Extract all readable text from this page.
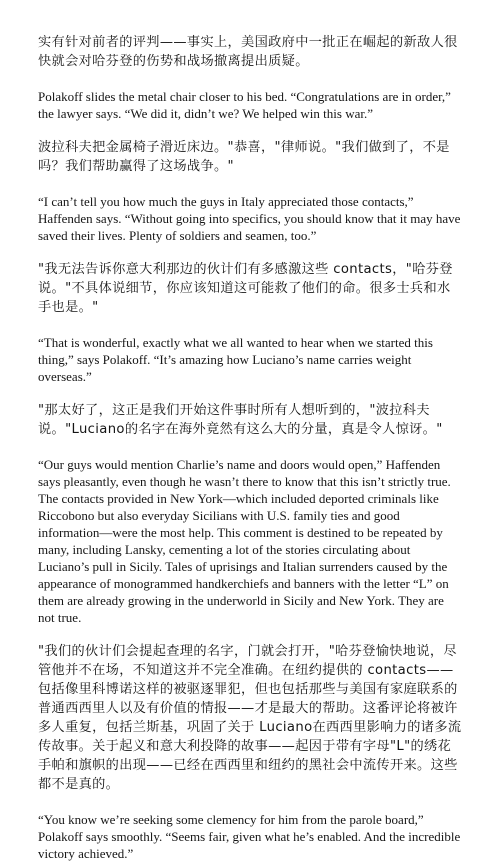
实有针对前者的评判——事实上，美国政府中一批正在崛起的新敌人很快就会对哈芬登的伤势和战场撤离提出质疑。

Polakoff slides the metal chair closer to his bed. “Congratulations are in order,” the lawyer says. “We did it, didn’t we? We helped win this war.”

波拉科夫把金属椅子滑近床边。"恭喜，"律师说。"我们做到了，不是吗？我们帮助赢得了这场战争。"

“I can’t tell you how much the guys in Italy appreciated those contacts,” Haffenden says. “Without going into specifics, you should know that it may have saved their lives. Plenty of soldiers and seamen, too.”

"我无法告诉你意大利那边的伙计们有多感激这些 contacts，"哈芬登说。"不具体说细节，你应该知道这可能救了他们的命。很多士兵和水手也是。"

“That is wonderful, exactly what we all wanted to hear when we started this thing,” says Polakoff. “It’s amazing how Luciano’s name carries weight overseas.”

"那太好了，这正是我们开始这件事时所有人想听到的，"波拉科夫说。"Luciano的名字在海外竟然有这么大的分量，真是令人惊讶。"

“Our guys would mention Charlie’s name and doors would open,” Haffenden says pleasantly, even though he wasn’t there to know that this isn’t strictly true. The contacts provided in New York—which included deported criminals like Riccobono but also everyday Sicilians with U.S. family ties and good information—were the most help. This comment is destined to be repeated by many, including Lansky, cementing a lot of the stories circulating about Luciano’s pull in Sicily. Tales of uprisings and Italian surrenders caused by the appearance of monogrammed handkerchiefs and banners with the letter “L” on them are already growing in the underworld in Sicily and New York. They are not true.

"我们的伙计们会提起查理的名字，门就会打开，"哈芬登愉快地说，尽管他并不在场，不知道这并不完全准确。在纽约提供的 contacts——包括像里科博诺这样的被驱逐罪犯，但也包括那些与美国有家庭联系的普通西西里人以及有价值的情报——才是最大的帮助。这番评论将被许多人重复，包括兰斯基，巩固了关于 Luciano在西西里影响力的诸多流传故事。关于起义和意大利投降的故事——起因于带有字母"L"的绣花手帕和旗帜的出现——已经在西西里和纽约的黑社会中流传开来。这些都不是真的。

“You know we’re seeking some clemency for him from the parole board,” Polakoff says smoothly. “Seems fair, given what he’s enabled. And the incredible victory achieved.”
